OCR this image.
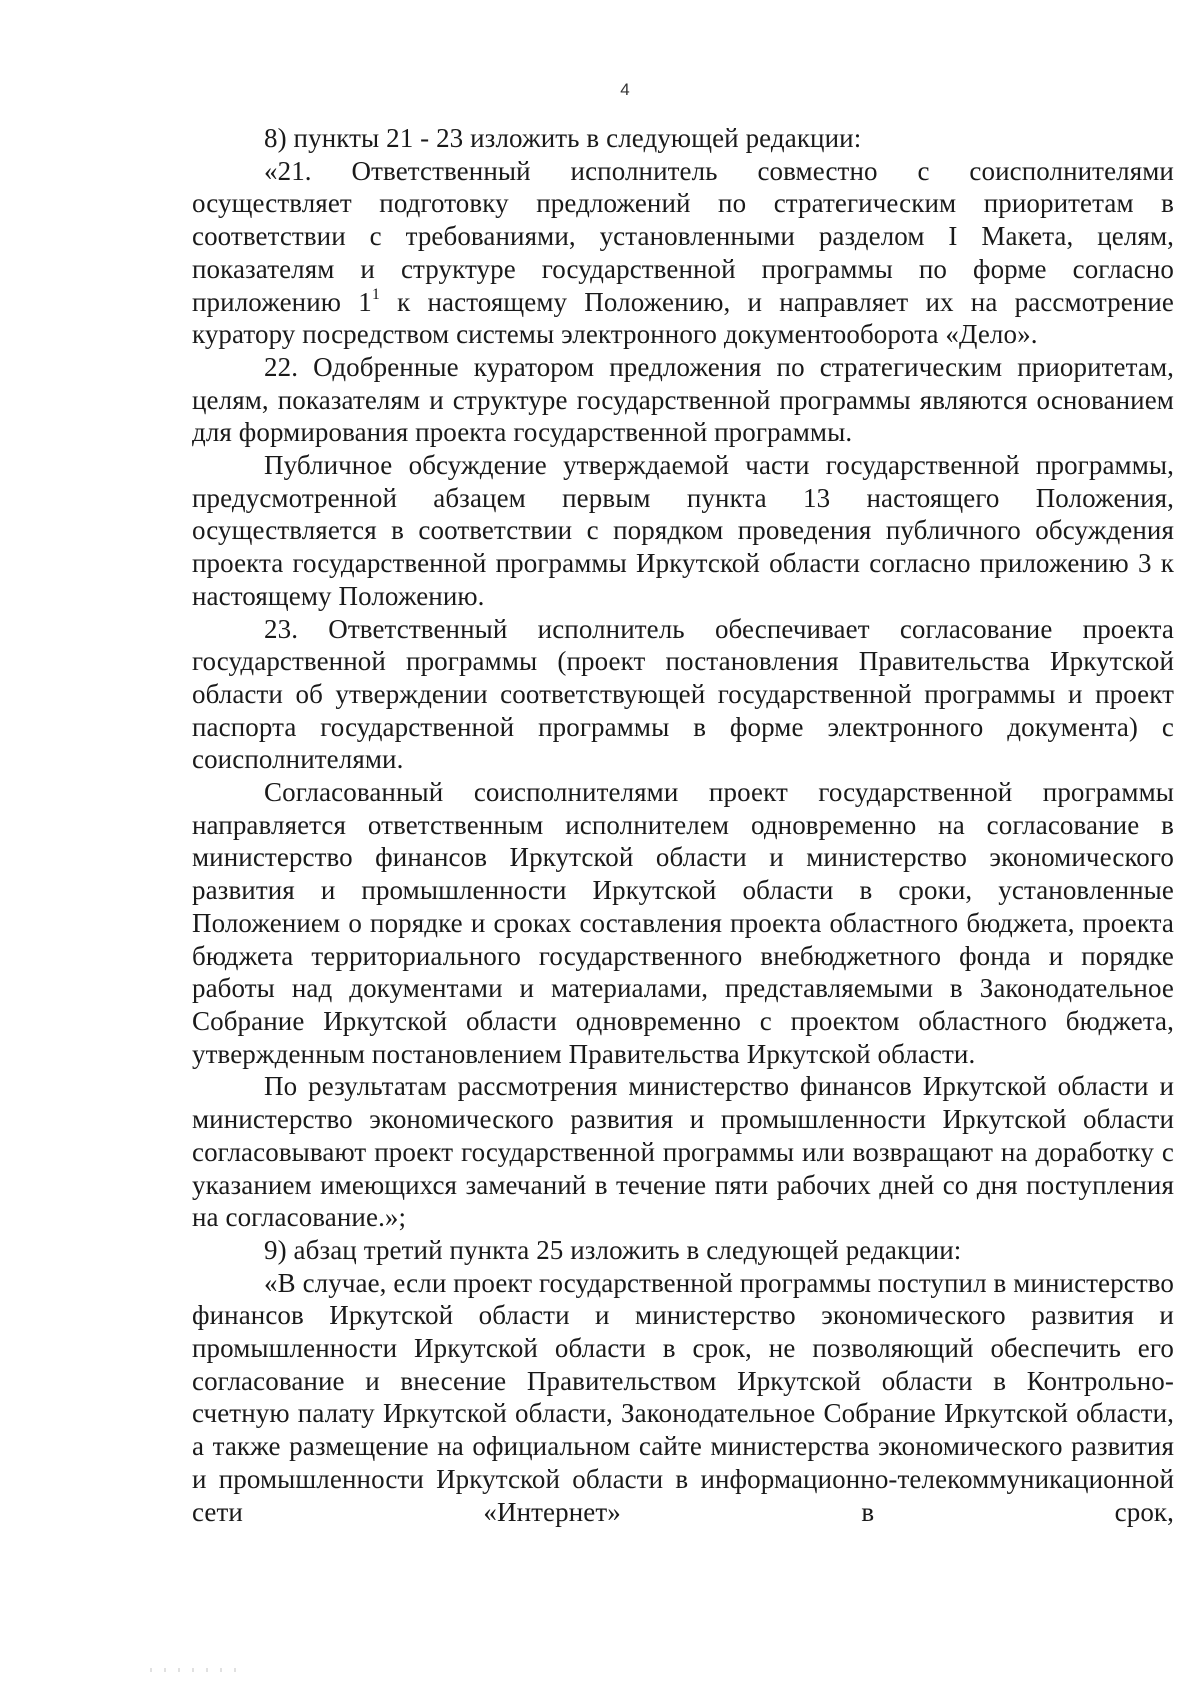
4

8) пункты 21 - 23 изложить в следующей редакции:

«21. Ответственный исполнитель совместно с соисполнителями осуществляет подготовку предложений по стратегическим приоритетам в соответствии с требованиями, установленными разделом I Макета, целям, показателям и структуре государственной программы по форме согласно приложению $1^1$ к настоящему Положению, и направляет их на рассмотрение куратору посредством системы электронного документооборота «Дело».

22. Одобренные куратором предложения по стратегическим приоритетам, целям, показателям и структуре государственной программы являются основанием для формирования проекта государственной программы.

Публичное обсуждение утверждаемой части государственной программы, предусмотренной абзацем первым пункта 13 настоящего Положения, осуществляется в соответствии с порядком проведения публичного обсуждения проекта государственной программы Иркутской области согласно приложению 3 к настоящему Положению.

23. Ответственный исполнитель обеспечивает согласование проекта государственной программы (проект постановления Правительства Иркутской области об утверждении соответствующей государственной программы и проект паспорта государственной программы в форме электронного документа) с соисполнителями.

Согласованный соисполнителями проект государственной программы направляется ответственным исполнителем одновременно на согласование в министерство финансов Иркутской области и министерство экономического развития и промышленности Иркутской области в сроки, установленные Положением о порядке и сроках составления проекта областного бюджета, проекта бюджета территориального государственного внебюджетного фонда и порядке работы над документами и материалами, представляемыми в Законодательное Собрание Иркутской области одновременно с проектом областного бюджета, утвержденным постановлением Правительства Иркутской области.

По результатам рассмотрения министерство финансов Иркутской области и министерство экономического развития и промышленности Иркутской области согласовывают проект государственной программы или возвращают на доработку с указанием имеющихся замечаний в течение пяти рабочих дней со дня поступления на согласование.»;

9) абзац третий пункта 25 изложить в следующей редакции:

«В случае, если проект государственной программы поступил в министерство финансов Иркутской области и министерство экономического развития и промышленности Иркутской области в срок, не позволяющий обеспечить его согласование и внесение Правительством Иркутской области в Контрольно-счетную палату Иркутской области, Законодательное Собрание Иркутской области, а также размещение на официальном сайте министерства экономического развития и промышленности Иркутской области в информационно-телекоммуникационной сети «Интернет» в срок,
